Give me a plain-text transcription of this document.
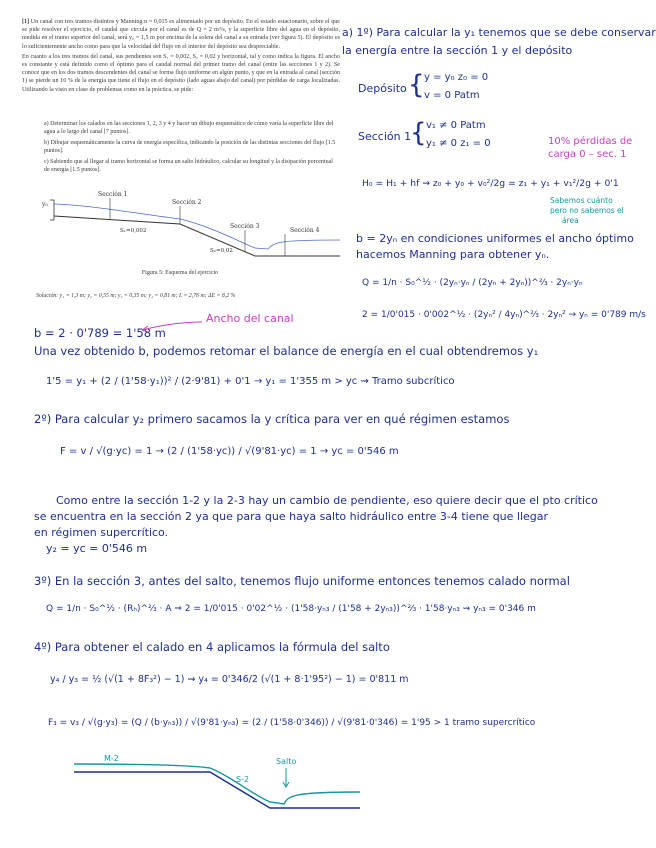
[1] Un canal con tres tramos distintos y Manning n = 0,015 es alimentado por un depósito. En el estado estacionario, sobre el que se pide resolver el ejercicio, el caudal que circula por el canal es de Q = 2 m³/s, y la superficie libre del agua en el depósito, medida en el tramo superior del canal, será y₀ = 1,5 m por encima de la solera del canal a su entrada (ver figura 5). El depósito es lo suficientemente ancho como para que la velocidad del flujo en el interior del depósito sea despreciable.

En cuanto a los tres tramos del canal, sus pendientes son S₁ = 0,002, S₂ = 0,02 y horizontal, tal y como indica la figura. El ancho es constante y está definido como el óptimo para el caudal normal del primer tramo del canal (entre las secciones 1 y 2). Se conoce que en los dos tramos descendentes del canal se forma flujo uniforme en algún punto, y que en la entrada al canal (sección 1) se pierde un 10 % de la energía que tiene el flujo en el depósito (lado aguas abajo del canal) por pérdidas de carga localizadas. Utilizando la visto en clase de problemas como en la práctica, se pide:

a) Determinar los calados en las secciones 1, 2, 3 y 4 y hacer un dibujo esquemático de cómo varía la superficie libre del agua a lo largo del canal [7 puntos].
b) Dibujar esquemáticamente la curva de energía específica, indicando la posición de las distintas secciones del flujo [1.5 puntos].
c) Sabiendo que al llegar al tramo horizontal se forma un salto hidráulico, calcular su longitud y la disipación porcentual de energía [1.5 puntos].
y₀
Sección 1
Sección 2
Sección 3
Sección 4
S₁=0,002
S₂=0,02
Figura 5: Esquema del ejercicio
Solución: y₁ = 1,3 m; y₂ = 0,55 m; y₃ = 0,35 m; y₄ = 0,81 m; L = 2,76 m; ΔE = 8,2 %
a) 1º) Para calcular la y₁ tenemos que se debe conservar
la energía entre la sección 1 y el depósito
Depósito { y = y₀ z₀ = 0
v = 0 Patm
Sección 1
{ v₁ ≠ 0 Patm
y₁ ≠ 0 z₁ = 0	10% pérdidas de
carga 0 – sec. 1
H₀ = H₁ + hf ⇝ z₀ + y₀ + v₀²/2g = z₁ + y₁ + v₁²/2g + 0'1
Sabemos cuánto
pero no sabemos el
área
b = 2yₙ en condiciones uniformes el ancho óptimo
hacemos Manning para obtener yₙ.
Q = 1/n · S₀^½ · (2yₙ·yₙ / (2yₙ + 2yₙ))^⅔ · 2yₙ·yₙ
2 = 1/0'015 · 0'002^½ · (2yₙ² / 4yₙ)^⅔ · 2yₙ² → yₙ = 0'789 m/s
b = 2 · 0'789 = 1'58 m
Ancho del canal
Una vez obtenido b, podemos retomar el balance de energía en el cual obtendremos y₁
1'5 = y₁ + (2 / (1'58·y₁))² / (2·9'81) + 0'1 → y₁ = 1'355 m > yc ⇝ Tramo subcrítico
2º) Para calcular y₂ primero sacamos la y crítica para ver en qué régimen estamos
F = v / √(g·yc) = 1 → (2 / (1'58·yc)) / √(9'81·yc) = 1 → yc = 0'546 m
Como entre la sección 1-2 y la 2-3 hay un cambio de pendiente, eso quiere decir que el pto crítico
se encuentra en la sección 2 ya que para que haya salto hidráulico entre 3-4 tiene que llegar
en régimen supercrítico.
y₂ = yc = 0'546 m
3º) En la sección 3, antes del salto, tenemos flujo uniforme entonces tenemos calado normal
Q = 1/n · S₀^½ · (Rₕ)^⅔ · A ⇒ 2 = 1/0'015 · 0'02^½ · (1'58·yₙ₃ / (1'58 + 2yₙ₃))^⅔ · 1'58·yₙ₃ ⇝ yₙ₃ = 0'346 m
4º) Para obtener el calado en 4 aplicamos la fórmula del salto
y₄ / y₃ = ½ (√(1 + 8F₃²) − 1) ⇝ y₄ = 0'346/2 (√(1 + 8·1'95²) − 1) = 0'811 m
F₃ = v₃ / √(g·y₃) = (Q / (b·yₙ₃)) / √(9'81·yₙ₃) = (2 / (1'58·0'346)) / √(9'81·0'346) = 1'95 > 1 tramo supercrítico
M-2
S-2
Salto
